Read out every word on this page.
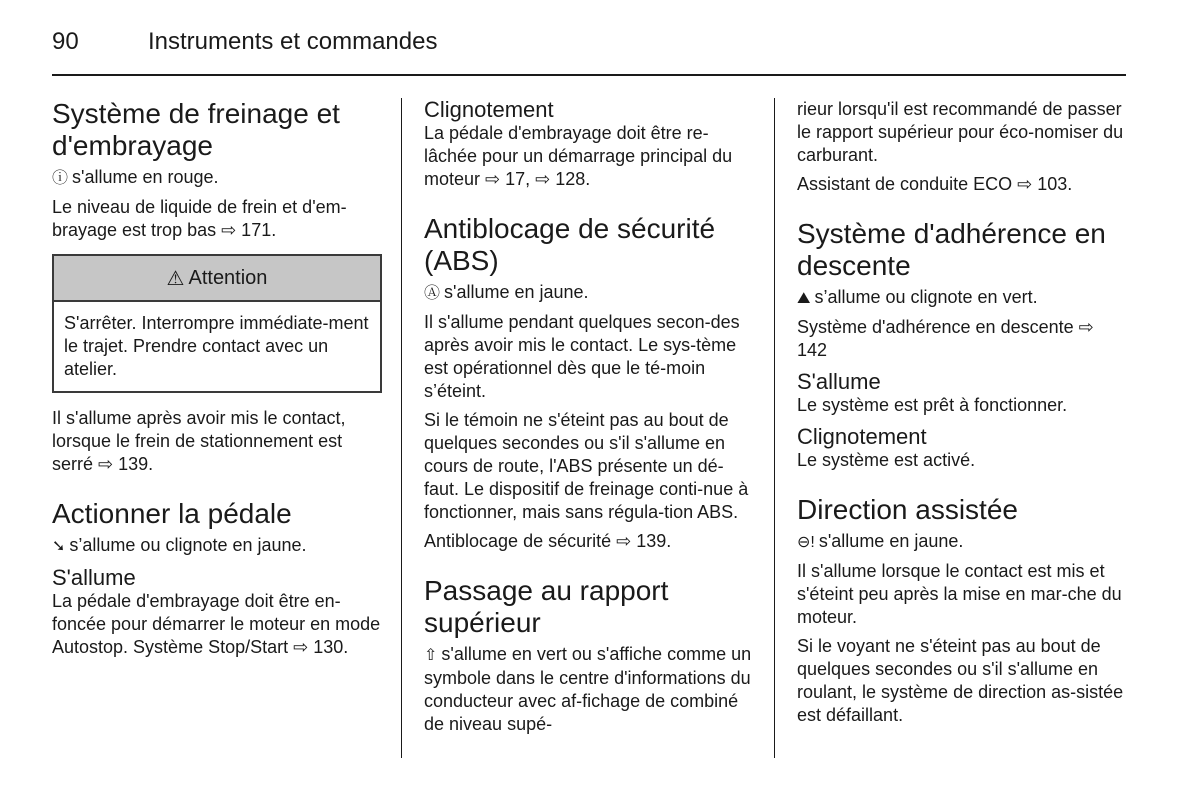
90	Instruments et commandes
Système de freinage et d'embrayage

ⓘ s'allume en rouge.

Le niveau de liquide de frein et d'em-brayage est trop bas ⇨ 171.

⚠ Attention

S'arrêter. Interrompre immédiate-ment le trajet. Prendre contact avec un atelier.

Il s'allume après avoir mis le contact, lorsque le frein de stationnement est serré ⇨ 139.

Actionner la pédale

➘ s’allume ou clignote en jaune.

S'allume

La pédale d'embrayage doit être en-foncée pour démarrer le moteur en mode Autostop. Système Stop/Start ⇨ 130.

Clignotement

La pédale d'embrayage doit être re-lâchée pour un démarrage principal du moteur ⇨ 17, ⇨ 128.

Antiblocage de sécurité (ABS)

Ⓐ s'allume en jaune.

Il s'allume pendant quelques secon-des après avoir mis le contact. Le sys-tème est opérationnel dès que le té-moin s’éteint.

Si le témoin ne s'éteint pas au bout de quelques secondes ou s'il s'allume en cours de route, l'ABS présente un dé-faut. Le dispositif de freinage conti-nue à fonctionner, mais sans régula-tion ABS.

Antiblocage de sécurité ⇨ 139.

Passage au rapport supérieur

⇧ s'allume en vert ou s'affiche comme un symbole dans le centre d'informations du conducteur avec af-fichage de combiné de niveau supé-

rieur lorsqu'il est recommandé de passer le rapport supérieur pour éco-nomiser du carburant.

Assistant de conduite ECO ⇨ 103.

Système d'adhérence en descente

⛰ s’allume ou clignote en vert.

Système d'adhérence en descente ⇨ 142

S'allume

Le système est prêt à fonctionner.

Clignotement

Le système est activé.

Direction assistée

⊖! s'allume en jaune.

Il s'allume lorsque le contact est mis et s'éteint peu après la mise en mar-che du moteur.

Si le voyant ne s'éteint pas au bout de quelques secondes ou s'il s'allume en roulant, le système de direction as-sistée est défaillant.
